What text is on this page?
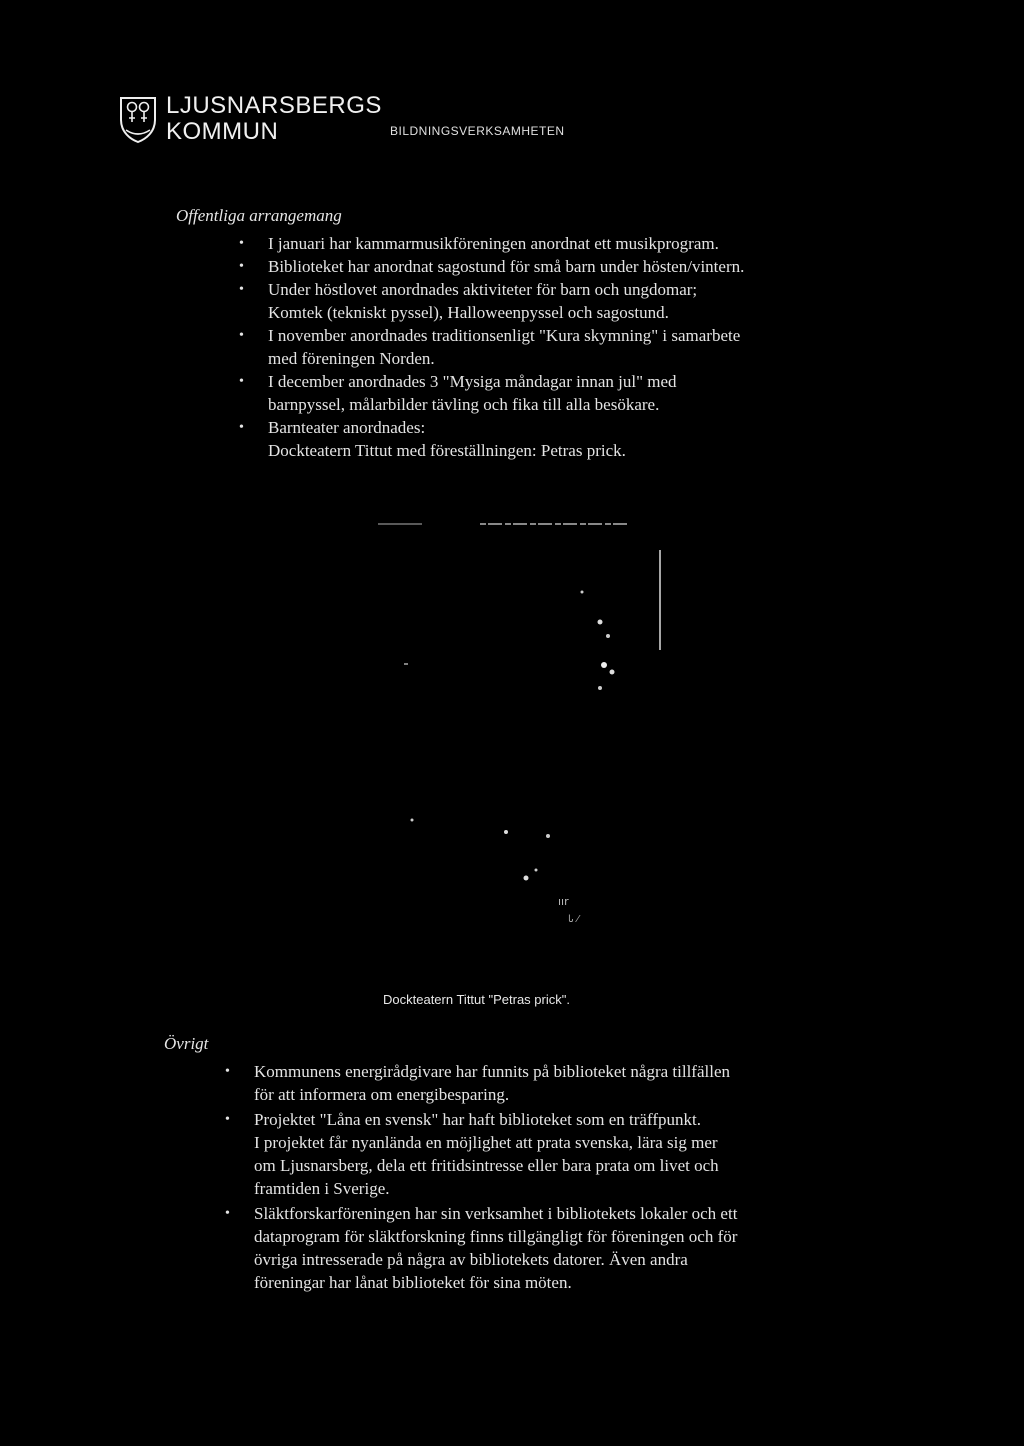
LJUSNARSBERGS
KOMMUN	BILDNINGSVERKSAMHETEN
Offentliga arrangemang
• I januari har kammarmusikföreningen anordnat ett musikprogram.
• Biblioteket har anordnat sagostund för små barn under hösten/vintern.
• Under höstlovet anordnades aktiviteter för barn och ungdomar;
Komtek (tekniskt pyssel), Halloweenpyssel och sagostund.
• I november anordnades traditionsenligt "Kura skymning" i samarbete
med föreningen Norden.
• I december anordnades 3 "Mysiga måndagar innan jul" med
barnpyssel, målarbilder tävling och fika till alla besökare.
• Barnteater anordnades:
Dockteatern Tittut med föreställningen: Petras prick.
ıır
ىا ⁄
Dockteatern Tittut "Petras prick".
Övrigt
• Kommunens energirådgivare har funnits på biblioteket några tillfällen
för att informera om energibesparing.
• Projektet "Låna en svensk" har haft biblioteket som en träffpunkt.
I projektet får nyanlända en möjlighet att prata svenska, lära sig mer
om Ljusnarsberg, dela ett fritidsintresse eller bara prata om livet och
framtiden i Sverige.
• Släktforskarföreningen har sin verksamhet i bibliotekets lokaler och ett
dataprogram för släktforskning finns tillgängligt för föreningen och för
övriga intresserade på några av bibliotekets datorer. Även andra
föreningar har lånat biblioteket för sina möten.
